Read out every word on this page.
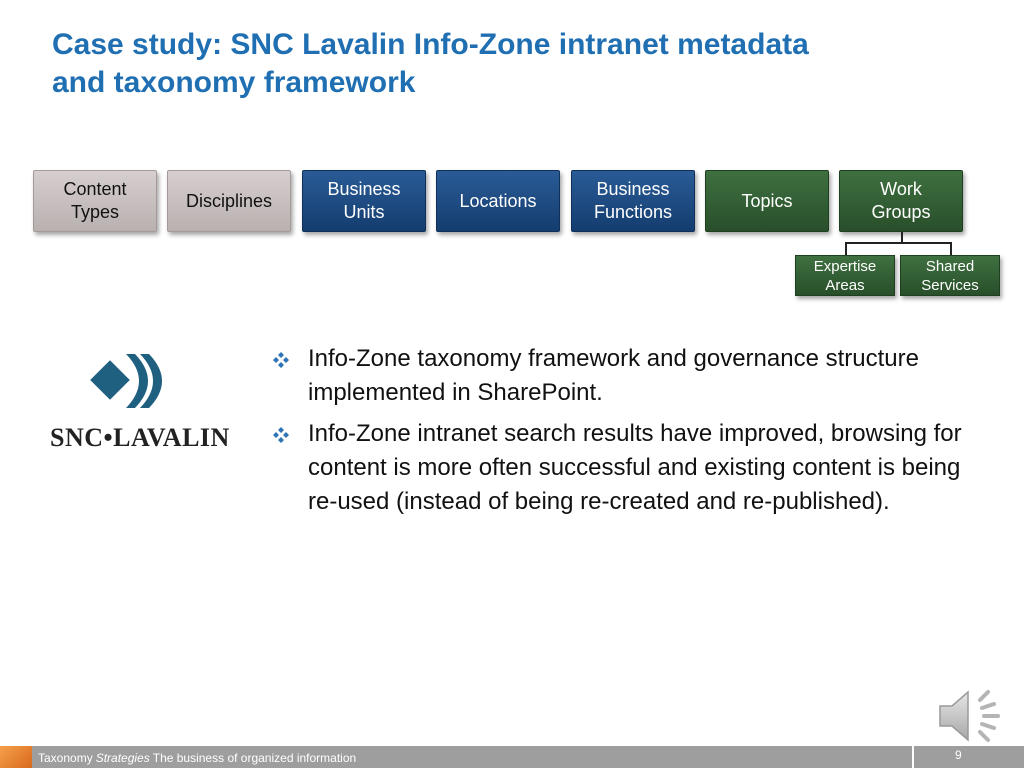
Case study: SNC Lavalin Info-Zone intranet metadata
and taxonomy framework
Content
Types
Disciplines
Business
Units
Locations
Business
Functions
Topics
Work
Groups
Expertise
Areas
Shared
Services
SNC•LAVALIN
Info-Zone taxonomy framework and governance structure implemented in SharePoint.
Info-Zone intranet search results have improved, browsing for content is more often successful and existing content is being re-used (instead of being re-created and re-published).
Taxonomy Strategies The business of organized information	9
